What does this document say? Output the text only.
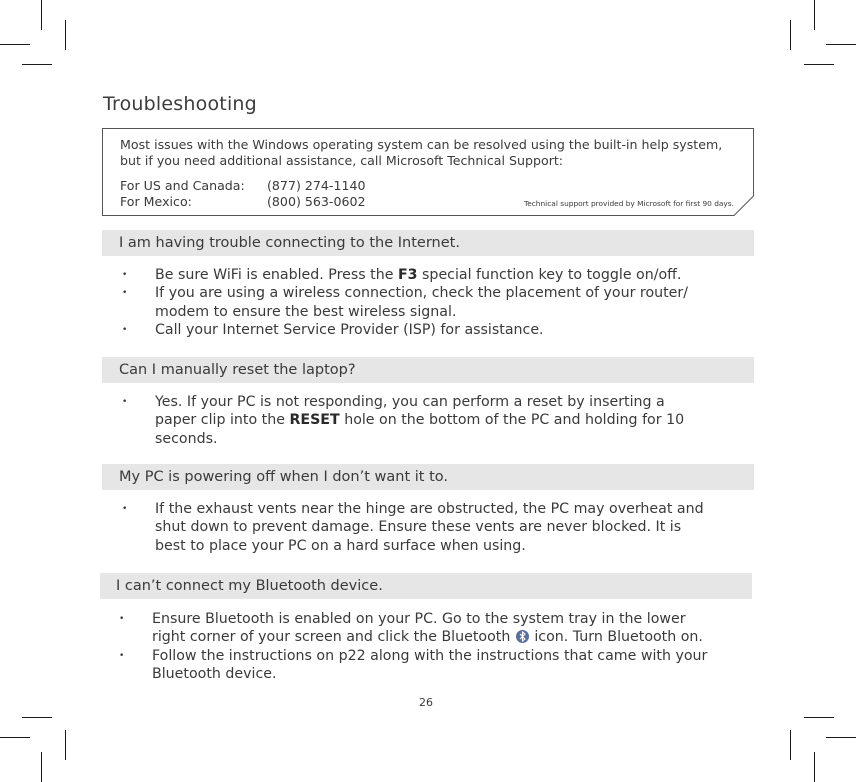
Troubleshooting
Most issues with the Windows operating system can be resolved using the built-in help system, but if you need additional assistance, call Microsoft Technical Support:
For US and Canada: (877) 274-1140
For Mexico:	(800) 563-0602	Technical support provided by Microsoft for first 90 days.
I am having trouble connecting to the Internet.
• Be sure WiFi is enabled. Press the F3 special function key to toggle on/off.
• If you are using a wireless connection, check the placement of your router/
modem to ensure the best wireless signal.
• Call your Internet Service Provider (ISP) for assistance.
Can I manually reset the laptop?
• Yes. If your PC is not responding, you can perform a reset by inserting a
paper clip into the RESET hole on the bottom of the PC and holding for 10
seconds.
My PC is powering off when I don’t want it to.
• If the exhaust vents near the hinge are obstructed, the PC may overheat and
shut down to prevent damage. Ensure these vents are never blocked. It is
best to place your PC on a hard surface when using.
I can’t connect my Bluetooth device.
• Ensure Bluetooth is enabled on your PC. Go to the system tray in the lower
right corner of your screen and click the Bluetooth
icon. Turn Bluetooth on.
• Follow the instructions on p22 along with the instructions that came with your
Bluetooth device.
26
